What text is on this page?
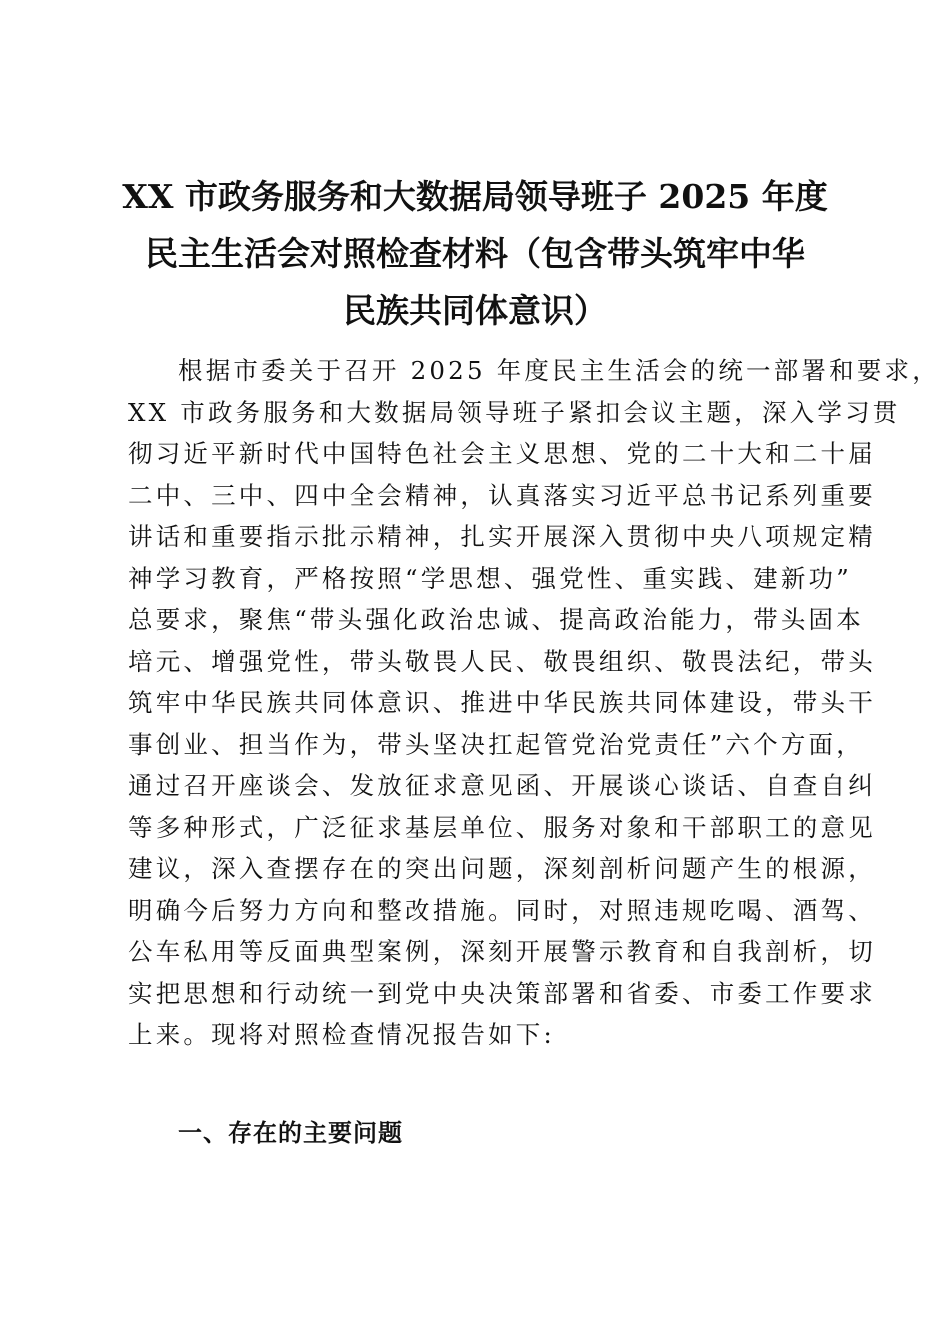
XX 市政务服务和大数据局领导班子 2025 年度
民主生活会对照检查材料（包含带头筑牢中华
民族共同体意识）
根据市委关于召开 2025 年度民主生活会的统一部署和要求，
XX 市政务服务和大数据局领导班子紧扣会议主题，深入学习贯
彻习近平新时代中国特色社会主义思想、党的二十大和二十届
二中、三中、四中全会精神，认真落实习近平总书记系列重要
讲话和重要指示批示精神，扎实开展深入贯彻中央八项规定精
神学习教育，严格按照“学思想、强党性、重实践、建新功”
总要求，聚焦“带头强化政治忠诚、提高政治能力，带头固本
培元、增强党性，带头敬畏人民、敬畏组织、敬畏法纪，带头
筑牢中华民族共同体意识、推进中华民族共同体建设，带头干
事创业、担当作为，带头坚决扛起管党治党责任”六个方面，
通过召开座谈会、发放征求意见函、开展谈心谈话、自查自纠
等多种形式，广泛征求基层单位、服务对象和干部职工的意见
建议，深入查摆存在的突出问题，深刻剖析问题产生的根源，
明确今后努力方向和整改措施。同时，对照违规吃喝、酒驾、
公车私用等反面典型案例，深刻开展警示教育和自我剖析，切
实把思想和行动统一到党中央决策部署和省委、市委工作要求
上来。现将对照检查情况报告如下:
一、存在的主要问题
